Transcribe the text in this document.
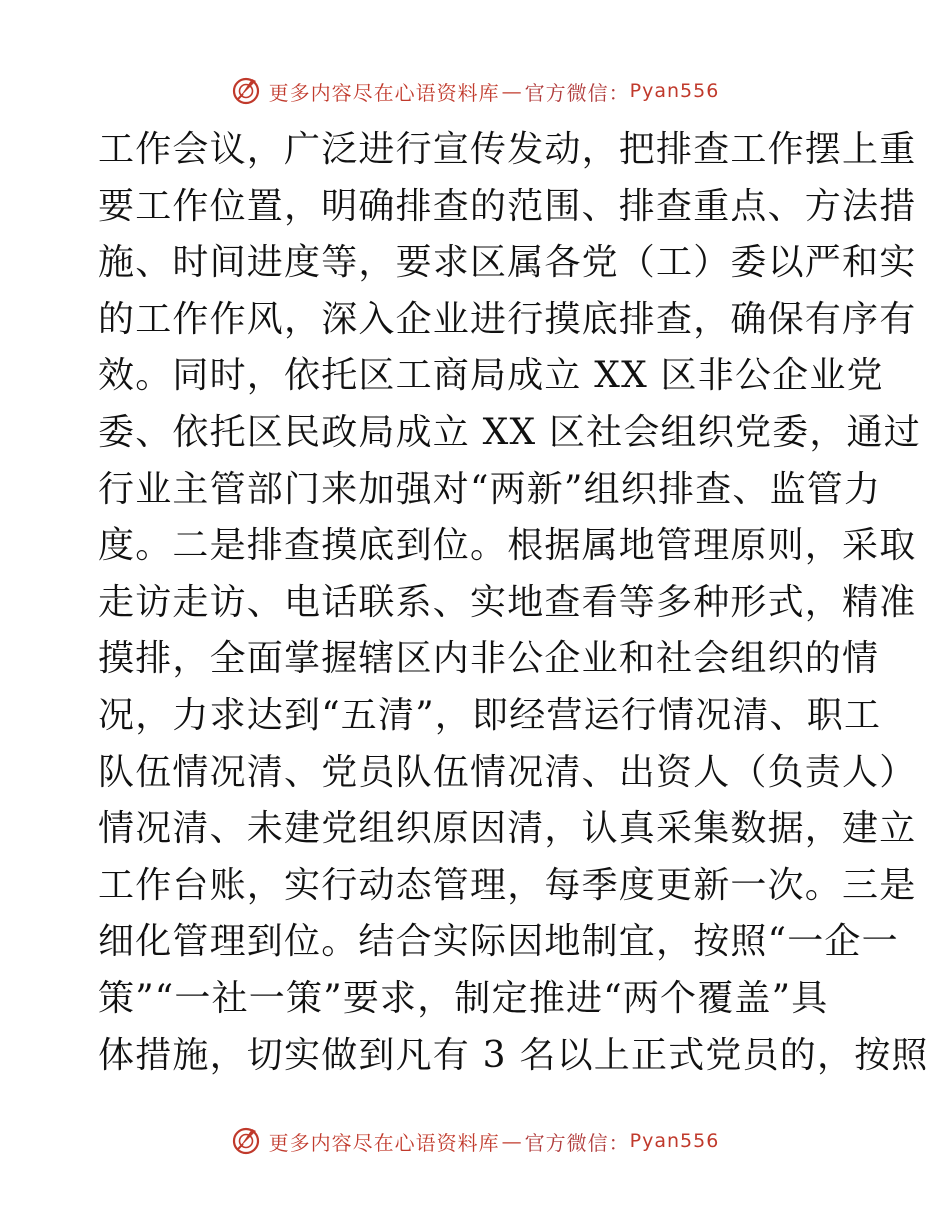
更多内容尽在心语资料库 — 官方微信： Pyan556
工作会议，广泛进行宣传发动，把排查工作摆上重
要工作位置，明确排查的范围、排查重点、方法措
施、时间进度等，要求区属各党（工）委以严和实
的工作作风，深入企业进行摸底排查，确保有序有
效。同时，依托区工商局成立 XX 区非公企业党
委、依托区民政局成立 XX 区社会组织党委，通过
行业主管部门来加强对“两新”组织排查、监管力
度。二是排查摸底到位。根据属地管理原则，采取
走访走访、电话联系、实地查看等多种形式，精准
摸排，全面掌握辖区内非公企业和社会组织的情
况，力求达到“五清”，即经营运行情况清、职工
队伍情况清、党员队伍情况清、出资人（负责人）
情况清、未建党组织原因清，认真采集数据，建立
工作台账，实行动态管理，每季度更新一次。三是
细化管理到位。结合实际因地制宜，按照“一企一
策”“一社一策”要求，制定推进“两个覆盖”具
体措施，切实做到凡有 3 名以上正式党员的，按照
更多内容尽在心语资料库 — 官方微信： Pyan556
